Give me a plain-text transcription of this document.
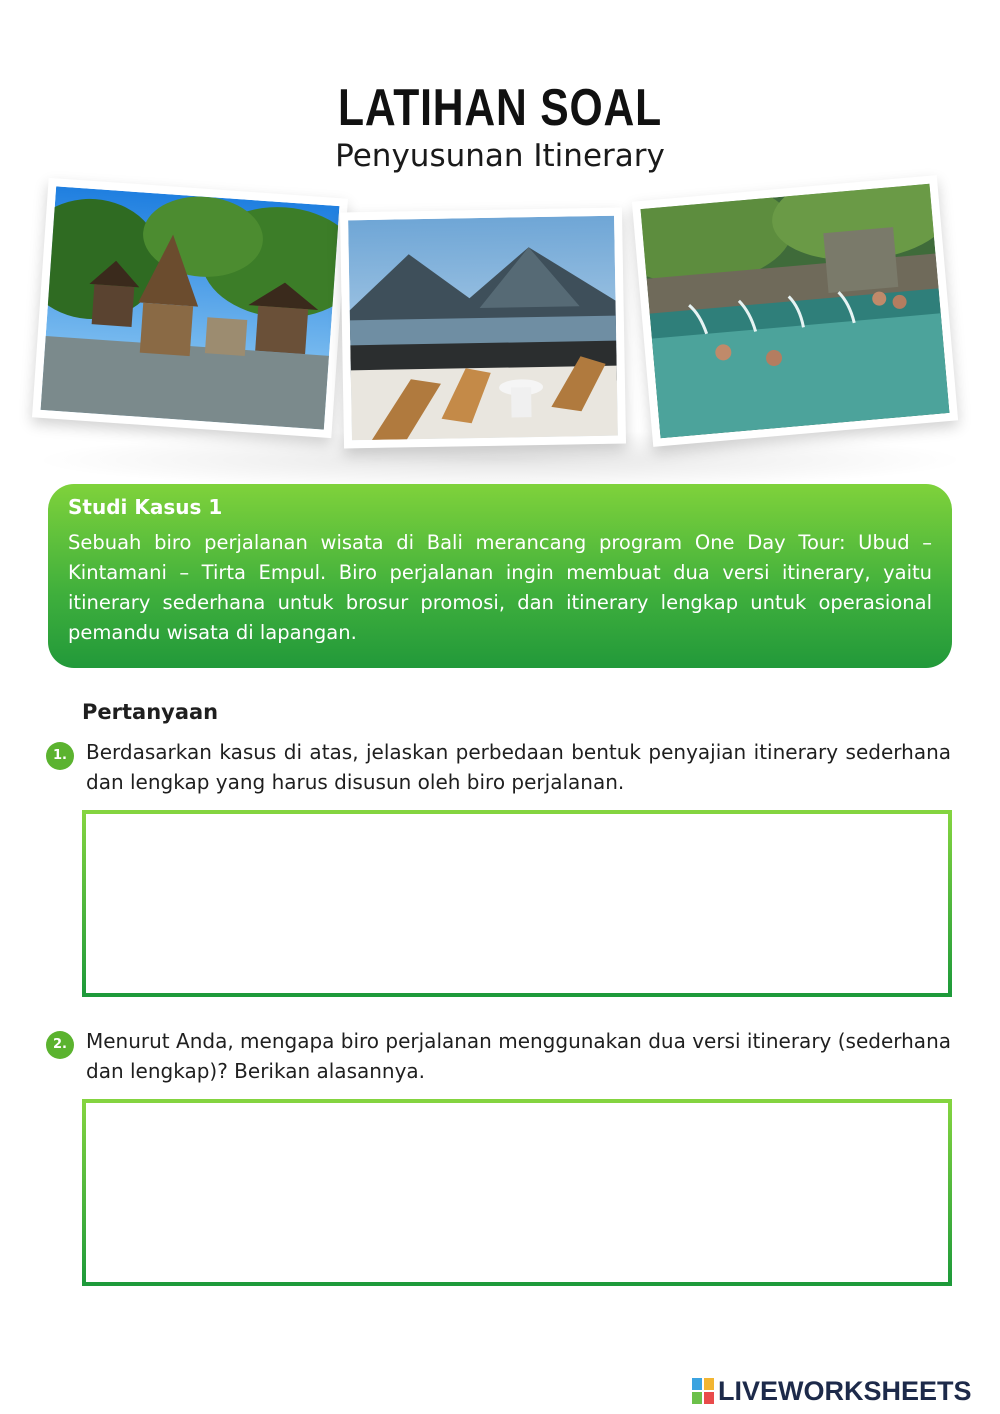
LATIHAN SOAL
Penyusunan Itinerary
Studi Kasus 1

Sebuah biro perjalanan wisata di Bali merancang program One Day Tour: Ubud – Kintamani – Tirta Empul. Biro perjalanan ingin membuat dua versi itinerary, yaitu itinerary sederhana untuk brosur promosi, dan itinerary lengkap untuk operasional pemandu wisata di lapangan.

Pertanyaan
1. Berdasarkan kasus di atas, jelaskan perbedaan bentuk penyajian itinerary sederhana dan lengkap yang harus disusun oleh biro perjalanan.
2. Menurut Anda, mengapa biro perjalanan menggunakan dua versi itinerary (sederhana dan lengkap)? Berikan alasannya.
LIVEWORKSHEETS
